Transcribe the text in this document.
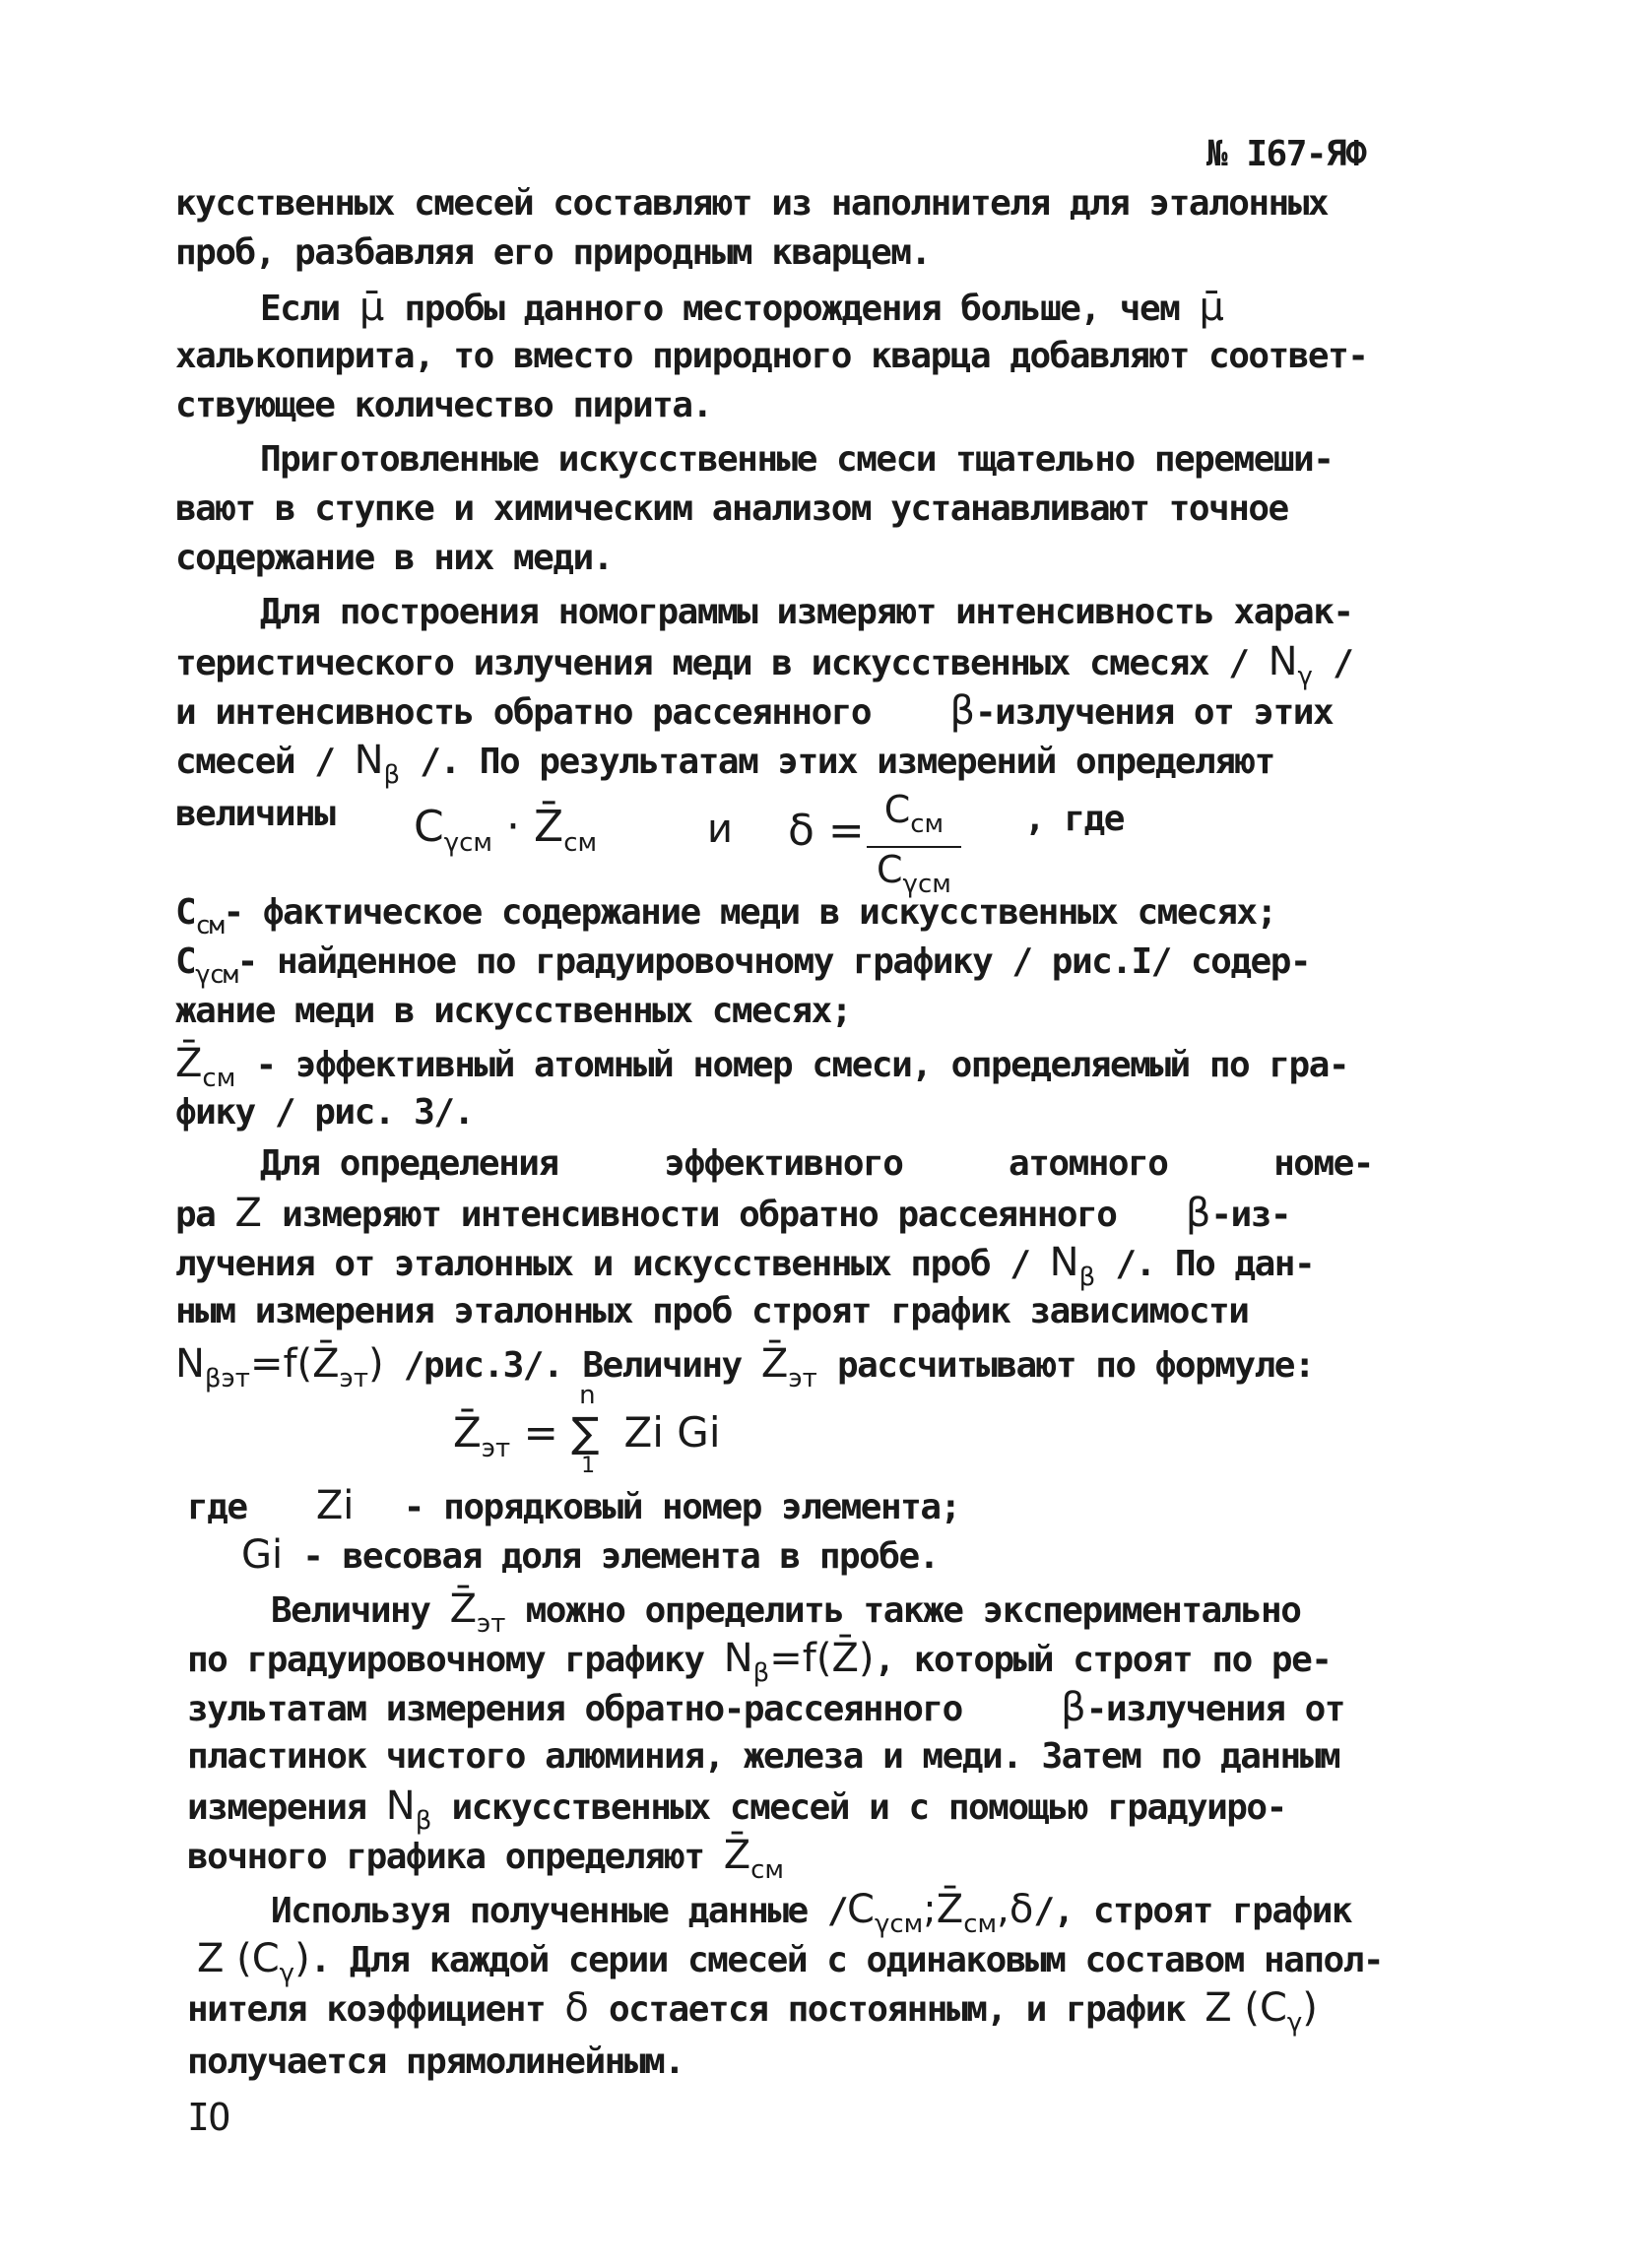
№ I67-ЯФ
кусственных смесей составляют из наполнителя для эталонных
проб, разбавляя его природным кварцем.
Если μ̄ пробы данного месторождения больше, чем μ̄
халькопирита, то вместо природного кварца добавляют соответ-
ствующее количество пирита.
Приготовленные искусственные смеси тщательно перемеши-
вают в ступке и химическим анализом устанавливают точное
содержание в них меди.
Для построения номограммы измеряют интенсивность харак-
теристического излучения меди в искусственных смесях / $N_\gamma$ /
и интенсивность обратно рассеянного β-излучения от этих
смесей / $N_\beta$ /. По результатам этих измерений определяют
величины $C_{\gamma см}$ · $Z̄_{см}$	и $\delta = C_{см}$
$C_{\gamma см}$
, где
$C_{см}-$ фактическое содержание меди в искусственных смесях;
$C_{\gamma см}-$ найденное по градуировочному графику / рис.I/ содер-
жание меди в искусственных смесях;
$Z̄_{см}$ - эффективный атомный номер смеси, определяемый по гра-
фику / рис. 3/.
Для определения	эффективного	атомного	номе-
ра Z измеряют интенсивности обратно рассеянного β-из-
лучения от эталонных и искусственных проб / $N_\beta$ /. По дан-
ным измерения эталонных проб строят график зависимости
$N_{\beta эт}=f(Z̄_{эт})$ /рис.3/. Величину $Z̄_{эт}$ рассчитывают по формуле:
$Z̄_{эт}$ =
n
∑
1
Zi Gi
где Zi - порядковый номер элемента;
Gi - весовая доля элемента в пробе.
Величину $Z̄_{эт}$ можно определить также экспериментально
по градуировочному графику $N_\beta=f(Z̄)$, который строят по ре-
зультатам измерения обратно-рассеянного	β-излучения от
пластинок чистого алюминия, железа и меди. Затем по данным
измерения $N_\beta$ искусственных смесей и с помощью градуиро-
вочного графика определяют $Z̄_{см}$
Используя полученные данные $/C_{\gamma см};Z̄_{см},\delta/$, строят график
Z $(C_\gamma)$. Для каждой серии смесей с одинаковым составом напол-
нителя коэффициент δ остается постоянным, и график Z $(C_\gamma)$
получается прямолинейным.
IO
